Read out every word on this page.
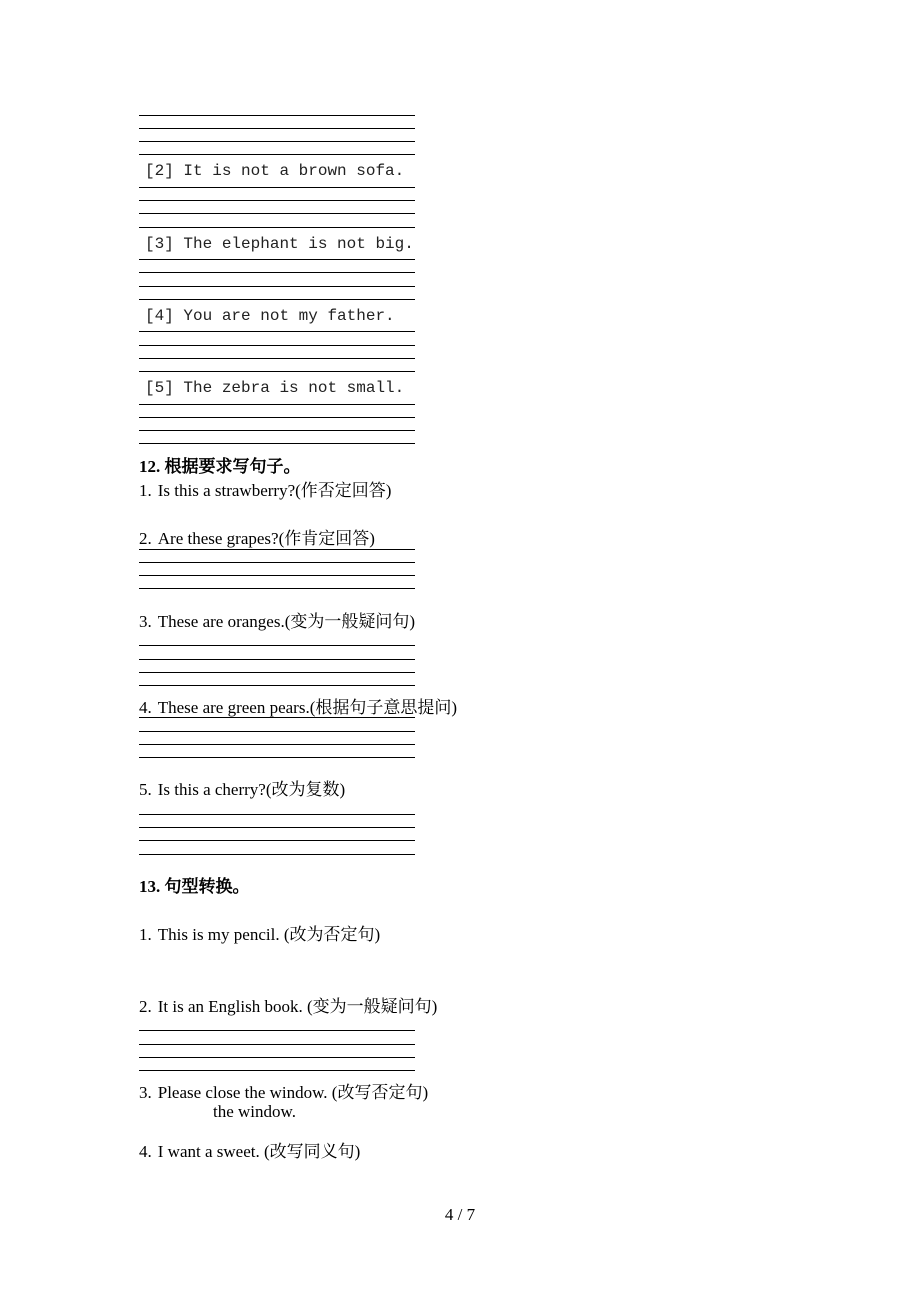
[2] It is not a brown sofa.
[3] The elephant is not big.
[4] You are not my father.
[5] The zebra is not small.
12. 根据要求写句子。
1. Is this a strawberry?(作否定回答)
2. Are these grapes?(作肯定回答)
3. These are oranges.(变为一般疑问句)
4. These are green pears.(根据句子意思提问)
5. Is this a cherry?(改为复数)
13. 句型转换。
1. This is my pencil. (改为否定句)
2. It is an English book. (变为一般疑问句)
3. Please close the window. (改写否定句)
the window.
4. I want a sweet. (改写同义句)
4 / 7
